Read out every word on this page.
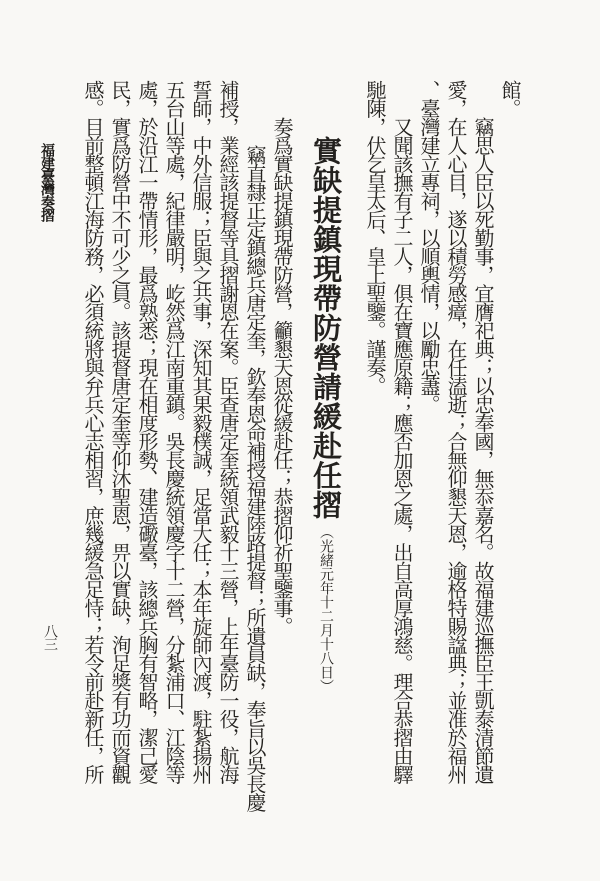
館。
竊思人臣以死勤事，宜膺祀典；以忠奉國，無忝嘉名。故福建巡撫臣王凱泰清節遺
愛，在人心目，遂以積勞感瘴，在任溘逝；合無仰懇天恩，逾格特賜諡典；並准於福州
、臺灣建立專祠，以順輿情，以勵忠藎。
又聞該撫有子二人，俱在寶應原籍；應否加恩之處，出自高厚鴻慈。理合恭摺由驛
馳陳，伏乞皇太后、皇上聖鑒。謹奏。
實缺提鎮現帶防營請緩赴任摺（光緒元年十二月十八日）
奏爲實缺提鎮現帶防營，籲懇天恩從緩赴任；恭摺仰祈聖鑒事。
竊直隸正定鎮總兵唐定奎，欽奉恩命補授福建陸路提督；所遺員缺，奉旨以吳長慶
補授，業經該提督等具摺謝恩在案。臣查唐定奎統領武毅十三營，上年臺防一役，航海
誓師，中外信服；臣與之共事，深知其果毅樸誠，足當大任；本年旋師內渡，駐紮揚州
五台山等處，紀律嚴明，屹然爲江南重鎮。吳長慶統領慶字十二營，分紮浦口、江陰等
處，於沿江一帶情形，最爲熟悉；現在相度形勢、建造礮臺，該總兵胸有智略，潔己愛
民，實爲防營中不可少之員。該提督唐定奎等仰沐聖恩，畀以實缺，洵足獎有功而資觀
感。目前整頓江海防務，必須統將與弁兵心志相習，庶幾緩急足恃；若令前赴新任，所
福建臺灣奏摺
八三
